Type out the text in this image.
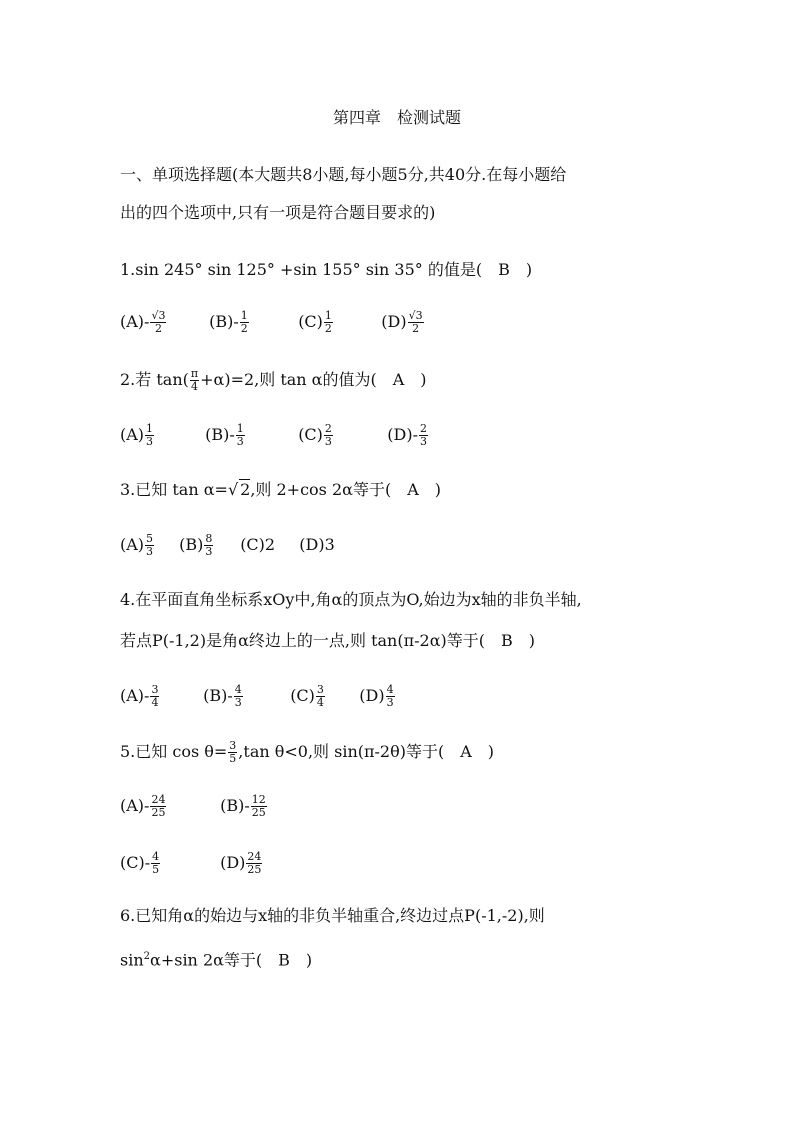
第四章　检测试题
一、单项选择题(本大题共8小题,每小题5分,共40分.在每小题给
出的四个选项中,只有一项是符合题目要求的)
1.sin 245° sin 125° +sin 155° sin 35° 的值是(　B　)
$(A)- \frac{√3}{2}$	$(B)- \frac{1}{2}$	$(C) \frac{1}{2}$	$(D) \frac{√3}{2}$
2.若 $\tan( \frac{\pi}{4} +\alpha)=2$,则 tan α的值为(　A　)
$(A) \frac{1}{3}$	$(B)- \frac{1}{3}$	$(C) \frac{2}{3}$	$(D)- \frac{2}{3}$
3.已知 tan α=√ 2,则 2+cos 2α等于(　A　)
$(A) \frac{5}{3} (B) \frac{8}{3} (C)2$ (D)3
4.在平面直角坐标系xOy中,角α的顶点为O,始边为x轴的非负半轴,
若点P(-1,2)是角α终边上的一点,则 tan(π-2α)等于(　B　)
$(A)- \frac{3}{4}$	$(B)- \frac{4}{3}$	$(C) \frac{3}{4} (D) \frac{4}{3}$
5.已知 $\cos \theta= \frac{3}{5} ,\tan$ θ<0,则 sin(π-2θ)等于(　A　)
$(A)- \frac{24}{25}$	$(B)- \frac{12}{25}$
$(C)- \frac{4}{5}$	$(D) \frac{24}{25}$
6.已知角α的始边与x轴的非负半轴重合,终边过点P(-1,-2),则
$\sin^2\alpha+\sin$ 2α等于(　B　)
